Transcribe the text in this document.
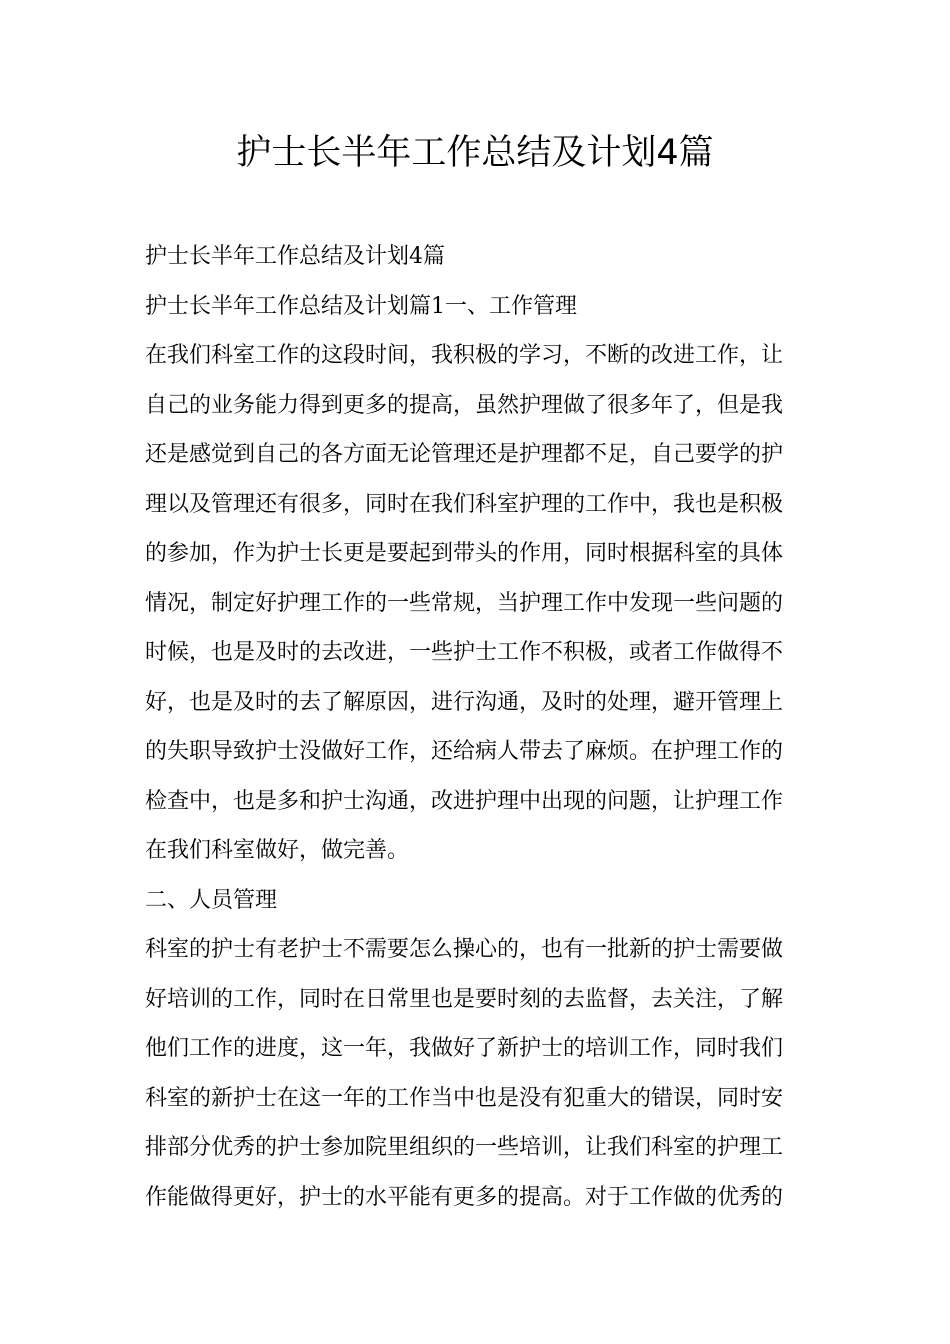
护士长半年工作总结及计划4篇

护士长半年工作总结及计划4篇

护士长半年工作总结及计划篇1一、工作管理

在我们科室工作的这段时间，我积极的学习，不断的改进工作，让

自己的业务能力得到更多的提高，虽然护理做了很多年了，但是我

还是感觉到自己的各方面无论管理还是护理都不足，自己要学的护

理以及管理还有很多，同时在我们科室护理的工作中，我也是积极

的参加，作为护士长更是要起到带头的作用，同时根据科室的具体

情况，制定好护理工作的一些常规，当护理工作中发现一些问题的

时候，也是及时的去改进，一些护士工作不积极，或者工作做得不

好，也是及时的去了解原因，进行沟通，及时的处理，避开管理上

的失职导致护士没做好工作，还给病人带去了麻烦。在护理工作的

检查中，也是多和护士沟通，改进护理中出现的问题，让护理工作

在我们科室做好，做完善。

二、人员管理

科室的护士有老护士不需要怎么操心的，也有一批新的护士需要做

好培训的工作，同时在日常里也是要时刻的去监督，去关注，了解

他们工作的进度，这一年，我做好了新护士的培训工作，同时我们

科室的新护士在这一年的工作当中也是没有犯重大的错误，同时安

排部分优秀的护士参加院里组织的一些培训，让我们科室的护理工

作能做得更好，护士的水平能有更多的提高。对于工作做的优秀的
